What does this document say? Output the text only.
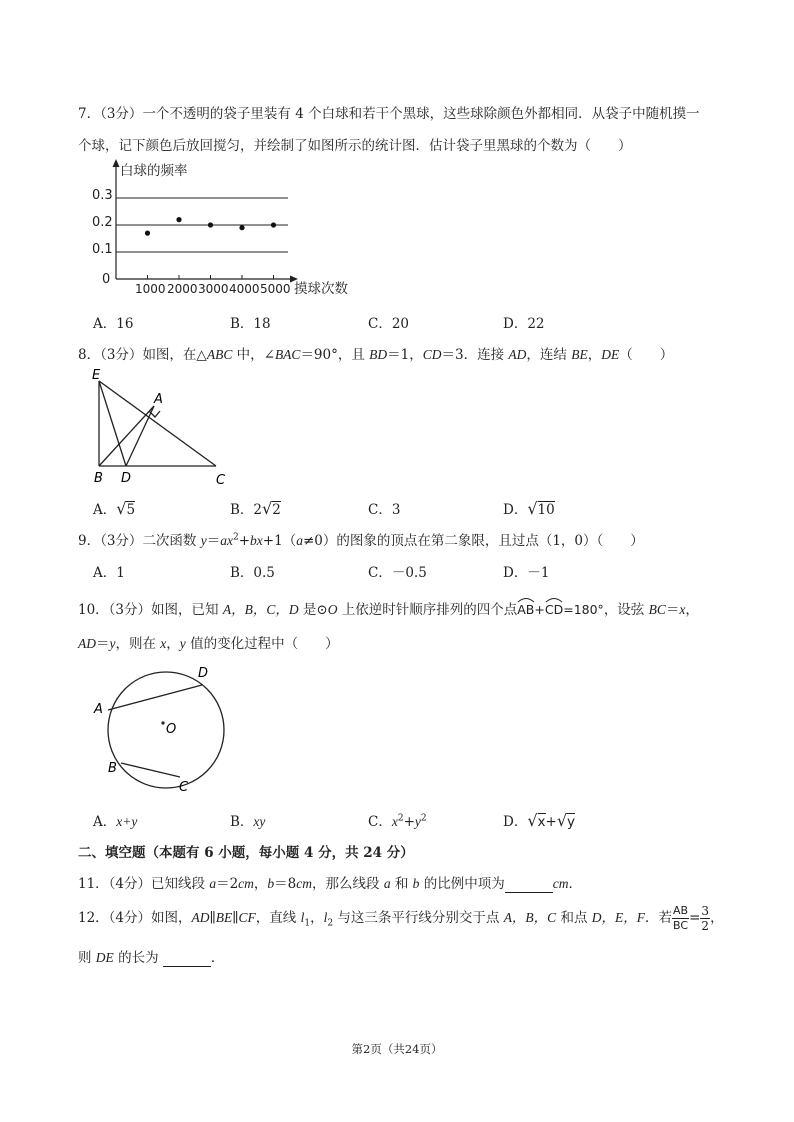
7．（3分）一个不透明的袋子里装有 4 个白球和若干个黑球，这些球除颜色外都相同．从袋子中随机摸一
个球，记下颜色后放回搅匀，并绘制了如图所示的统计图．估计袋子里黑球的个数为（　　）
白球的频率
0.3
0.2
0.1
0
1000 2000 3000 4000 5000 摸球次数
A．16	B．18	C．20	D．22
8．（3分）如图，在△ABC 中，∠BAC＝90°，且 BD＝1，CD＝3．连接 AD，连结 BE，DE（　　）
E
A
B D	C
A．√5	B．2√2	C．3	D．√10
9．（3分）二次函数 $y=ax^2+bx+1(a\ne 0)$的图象的顶点在第二象限，且过点（1，0）（　　）
A．1	B．0.5	C．－0.5	D．－1
10．（3分）如图，已知 A，B，C，D 是⊙O 上依逆时针顺序排列的四个点
AB+
CD=180°，设弦 BC＝x，
AD＝y，则在 x，y 值的变化过程中（　　）
O
A
D
B
C
A．x+y	B．xy	C．$x^2+y^2$	D．√x+√y
二、填空题（本题有 6 小题，每小题 4 分，共 24 分）
11．（4分）已知线段 a＝2cm，b＝8cm，那么线段 a 和 b 的比例中项为	cm．
12．（4分）如图，AD∥BE∥CF，直线 $l_1$，$l_2$ 与这三条平行线分别交于点 A，B，C 和点 D，E，F．若 $\frac{AB}{BC} = \frac{3}{2}$ ，
则 DE 的长为	．
第2页（共24页）
